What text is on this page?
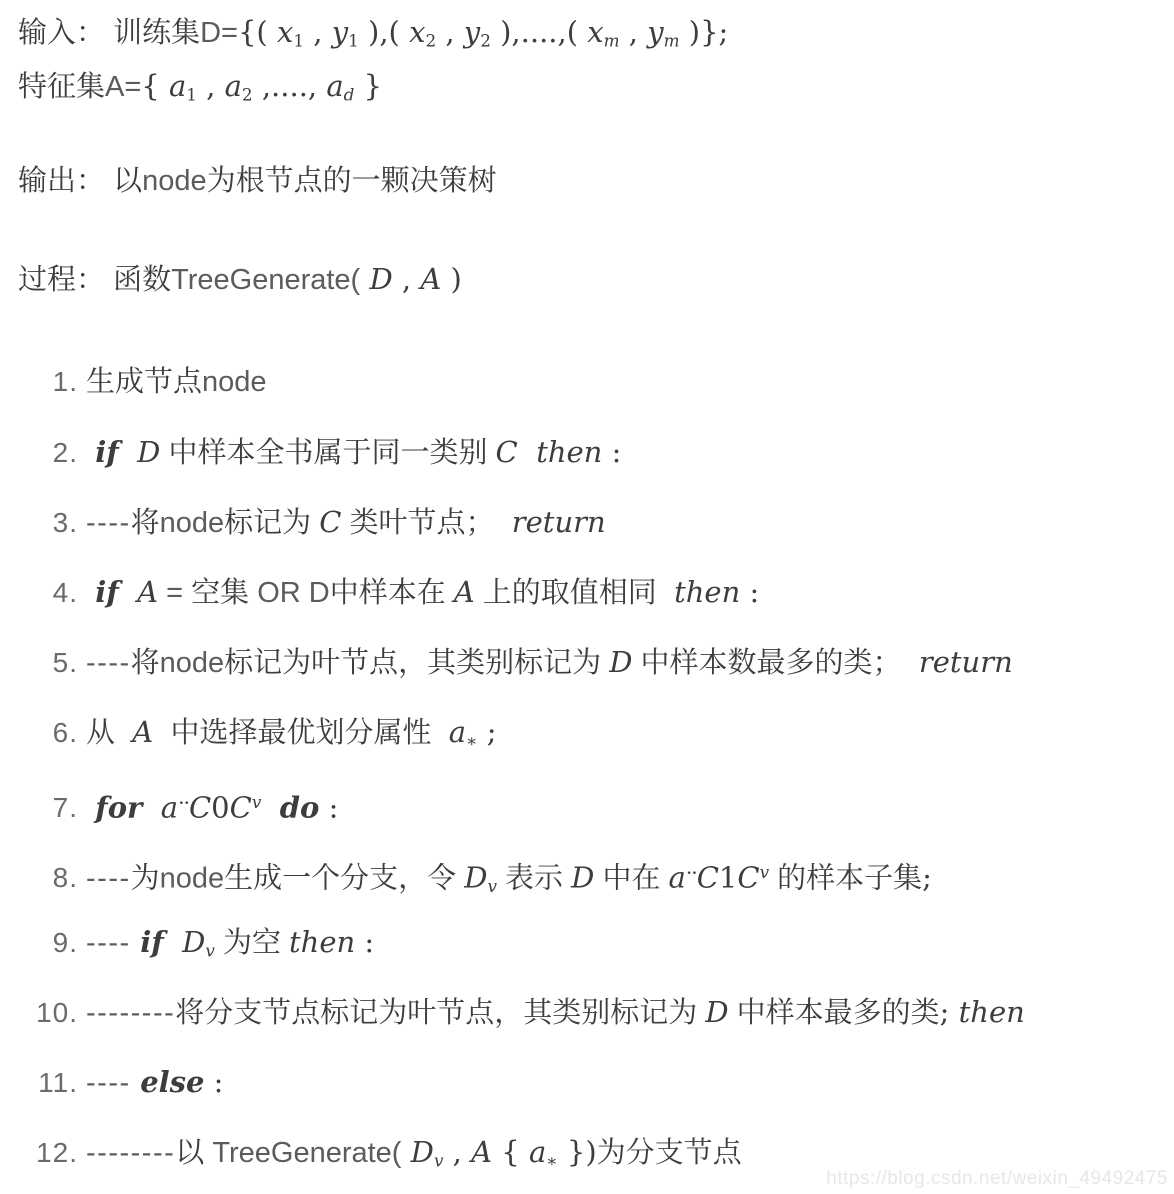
输入： 训练集D={( x1 , y1 ),( x2 , y2 ),....,( xm , ym )};
特征集A={ a1 , a2 ,...., ad }
输出： 以node为根节点的一颗决策树
过程： 函数TreeGenerate( D , A )
1. 生成节点node
2. if D 中样本全书属于同一类别 C then :
3. ----将node标记为 C 类叶节点；  return
4. if A = 空集 OR D中样本在 A 上的取值相同  then :
5. ----将node标记为叶节点，其类别标记为 D 中样本数最多的类；  return
6. 从  A  中选择最优划分属性  a∗ ;
7. for $a^{\cdot\cdot}C0C^v$ do :
8. ----为node生成一个分支，令 Dv 表示 D 中在 $a^{\cdot\cdot}C1C^v$ 的样本子集;
9. ---- if Dv 为空 then :
10. --------将分支节点标记为叶节点，其类别标记为 D 中样本最多的类; then
11. ---- else :
12. --------以 TreeGenerate( Dv , A { a∗ })为分支节点
https://blog.csdn.net/weixin_49492475
